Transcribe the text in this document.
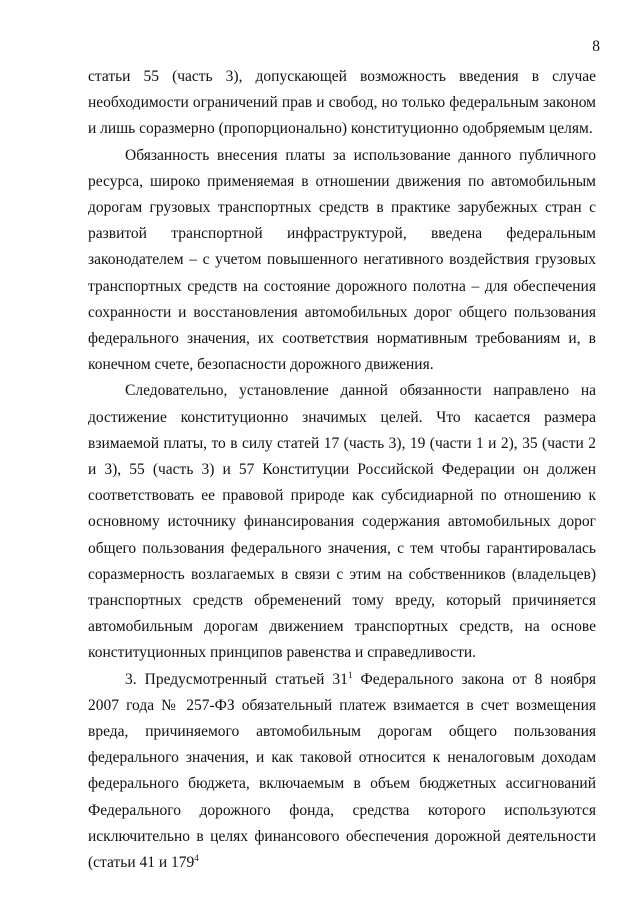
8

статьи 55 (часть 3), допускающей возможность введения в случае необходимости ограничений прав и свобод, но только федеральным законом и лишь соразмерно (пропорционально) конституционно одобряемым целям.

Обязанность внесения платы за использование данного публичного ресурса, широко применяемая в отношении движения по автомобильным дорогам грузовых транспортных средств в практике зарубежных стран с развитой транспортной инфраструктурой, введена федеральным законодателем – с учетом повышенного негативного воздействия грузовых транспортных средств на состояние дорожного полотна – для обеспечения сохранности и восстановления автомобильных дорог общего пользования федерального значения, их соответствия нормативным требованиям и, в конечном счете, безопасности дорожного движения.

Следовательно, установление данной обязанности направлено на достижение конституционно значимых целей. Что касается размера взимаемой платы, то в силу статей 17 (часть 3), 19 (части 1 и 2), 35 (части 2 и 3), 55 (часть 3) и 57 Конституции Российской Федерации он должен соответствовать ее правовой природе как субсидиарной по отношению к основному источнику финансирования содержания автомобильных дорог общего пользования федерального значения, с тем чтобы гарантировалась соразмерность возлагаемых в связи с этим на собственников (владельцев) транспортных средств обременений тому вреду, который причиняется автомобильным дорогам движением транспортных средств, на основе конституционных принципов равенства и справедливости.

3. Предусмотренный статьей $31^1$ Федерального закона от 8 ноября 2007 года № 257-ФЗ обязательный платеж взимается в счет возмещения вреда, причиняемого автомобильным дорогам общего пользования федерального значения, и как таковой относится к неналоговым доходам федерального бюджета, включаемым в объем бюджетных ассигнований Федерального дорожного фонда, средства которого используются исключительно в целях финансового обеспечения дорожной деятельности (статьи 41 и $179^4$
